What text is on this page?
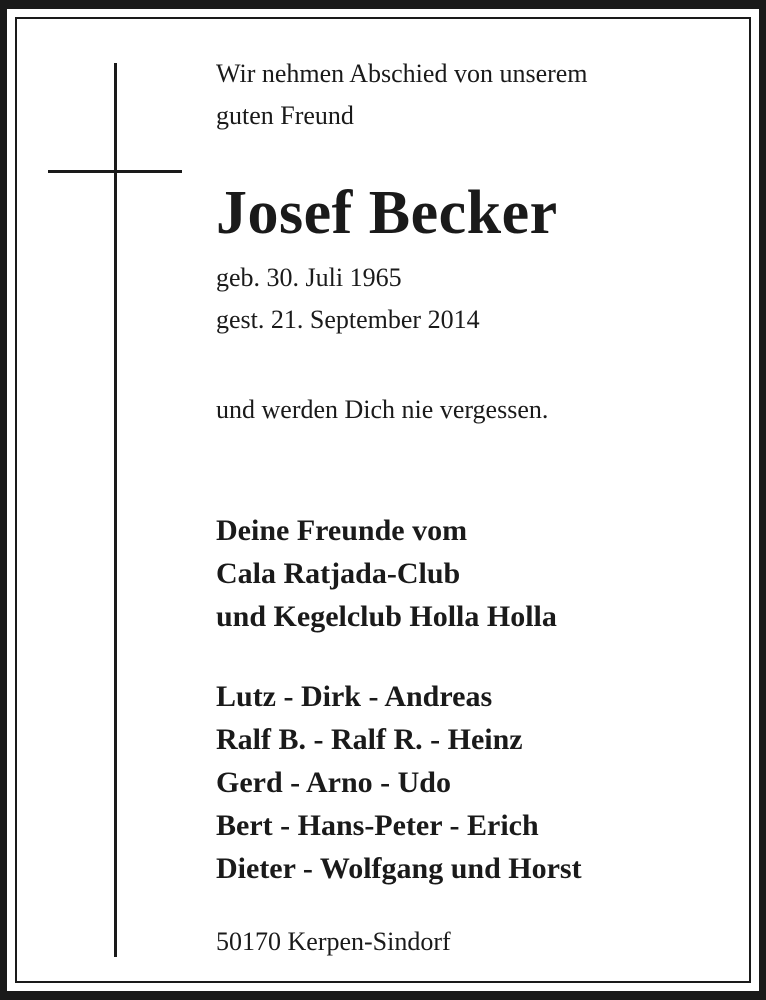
Wir nehmen Abschied von unserem
guten Freund

Josef Becker

geb. 30. Juli 1965
gest. 21. September 2014

und werden Dich nie vergessen.

Deine Freunde vom
Cala Ratjada-Club
und Kegelclub Holla Holla

Lutz - Dirk - Andreas
Ralf B. - Ralf R. - Heinz
Gerd - Arno - Udo
Bert - Hans-Peter - Erich
Dieter - Wolfgang und Horst

50170 Kerpen-Sindorf
